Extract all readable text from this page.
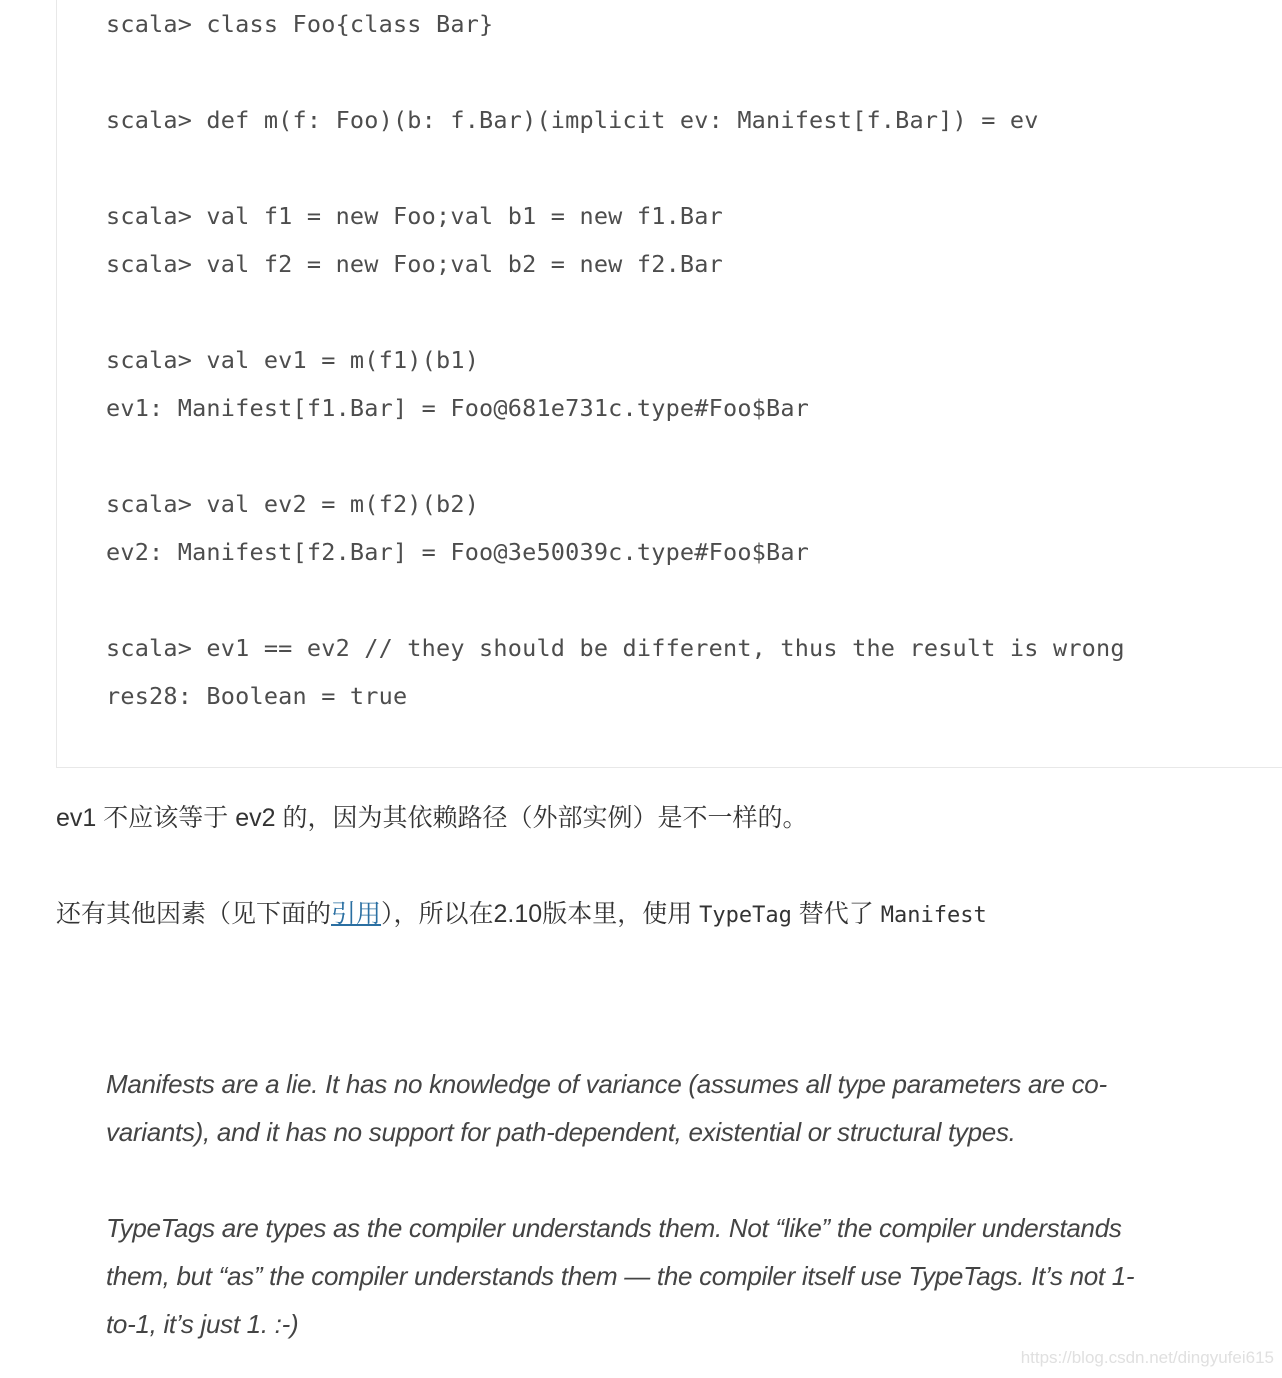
scala> class Foo{class Bar}
scala> def m(f: Foo)(b: f.Bar)(implicit ev: Manifest[f.Bar]) = ev
scala> val f1 = new Foo;val b1 = new f1.Bar
scala> val f2 = new Foo;val b2 = new f2.Bar
scala> val ev1 = m(f1)(b1)
ev1: Manifest[f1.Bar] = Foo@681e731c.type#Foo$Bar
scala> val ev2 = m(f2)(b2)
ev2: Manifest[f2.Bar] = Foo@3e50039c.type#Foo$Bar
scala> ev1 == ev2 // they should be different, thus the result is wrong
res28: Boolean = true

ev1 不应该等于 ev2 的，因为其依赖路径（外部实例）是不一样的。

还有其他因素（见下面的引用），所以在2.10版本里，使用 TypeTag 替代了 Manifest

Manifests are a lie. It has no knowledge of variance (assumes all type parameters are co-
variants), and it has no support for path-dependent, existential or structural types.
TypeTags are types as the compiler understands them. Not “like” the compiler understands
them, but “as” the compiler understands them — the compiler itself use TypeTags. It’s not 1-
to-1, it’s just 1. :-)
https://blog.csdn.net/dingyufei615
